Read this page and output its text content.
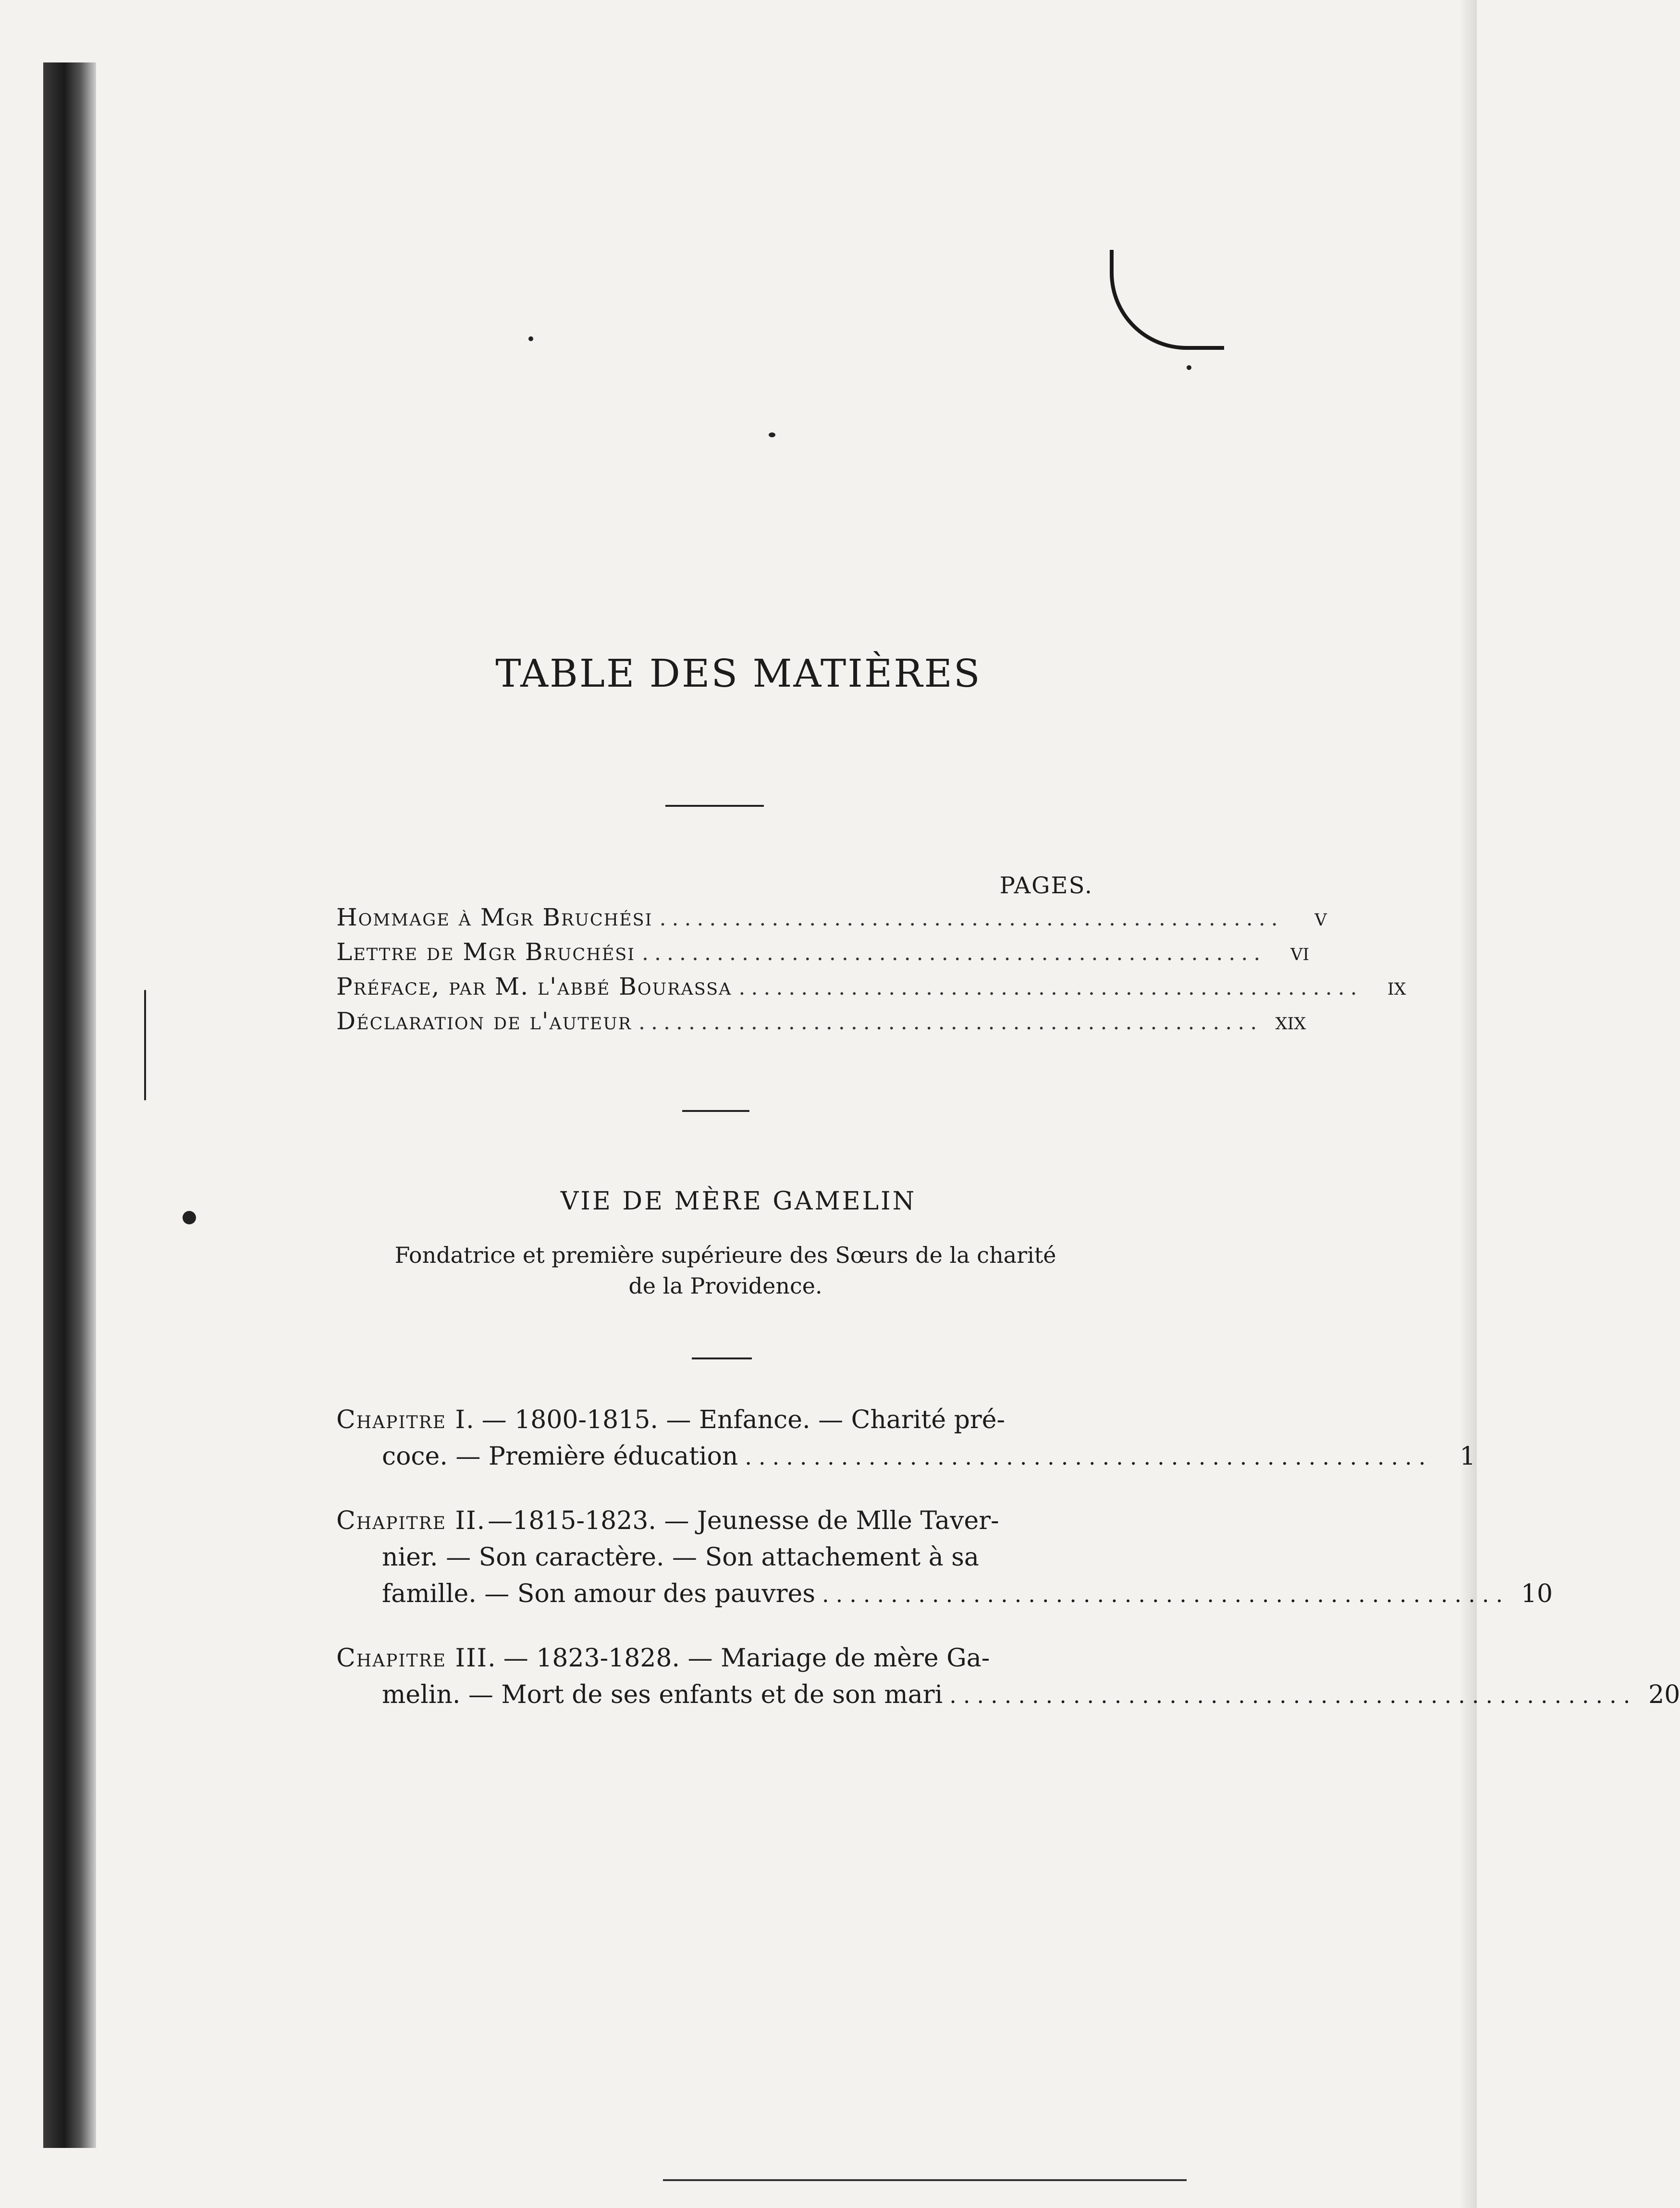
TABLE DES MATIÈRES
PAGES.
Hommage à Mgr Bruchési ..................................................	v
Lettre de Mgr Bruchési ..................................................	vi
Préface, par M. l'abbé Bourassa ..................................................	ix
Déclaration de l'auteur .................................................. xix
VIE DE MÈRE GAMELIN
Fondatrice et première supérieure des Sœurs de la charité
de la Providence.
Chapitre I. — 1800-1815. — Enfance. — Charité pré-
coce. — Première éducation ..................................................	1
Chapitre II. —1815-1823. — Jeunesse de Mlle Taver-
nier. — Son caractère. — Son attachement à sa
famille. — Son amour des pauvres .................................................. 10
Chapitre III. — 1823-1828. — Mariage de mère Ga-
melin. — Mort de ses enfants et de son mari .................................................. 20
